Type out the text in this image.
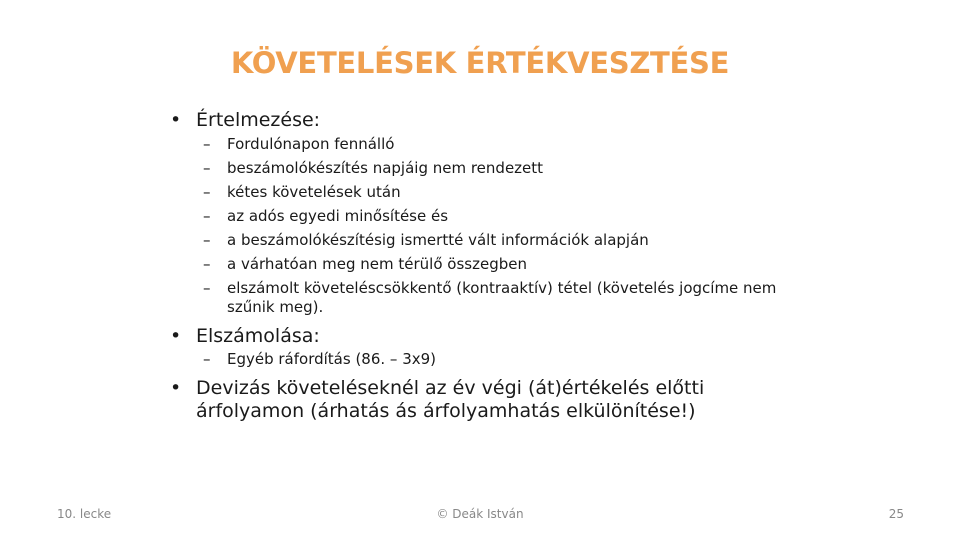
KÖVETELÉSEK ÉRTÉKVESZTÉSE
• Értelmezése:
–	Fordulónapon fennálló
–	beszámolókészítés napjáig nem rendezett
–	kétes követelések után
–	az adós egyedi minősítése és
–	a beszámolókészítésig ismertté vált információk alapján
–	a várhatóan meg nem térülő összegben
–	elszámolt követeléscsökkentő (kontraaktív) tétel (követelés jogcíme nem szűnik meg).
• Elszámolása:
–	Egyéb ráfordítás (86. – 3x9)
• Devizás követeléseknél az év végi (át)értékelés előtti árfolyamon (árhatás ás árfolyamhatás elkülönítése!)
10. lecke	© Deák István	25
